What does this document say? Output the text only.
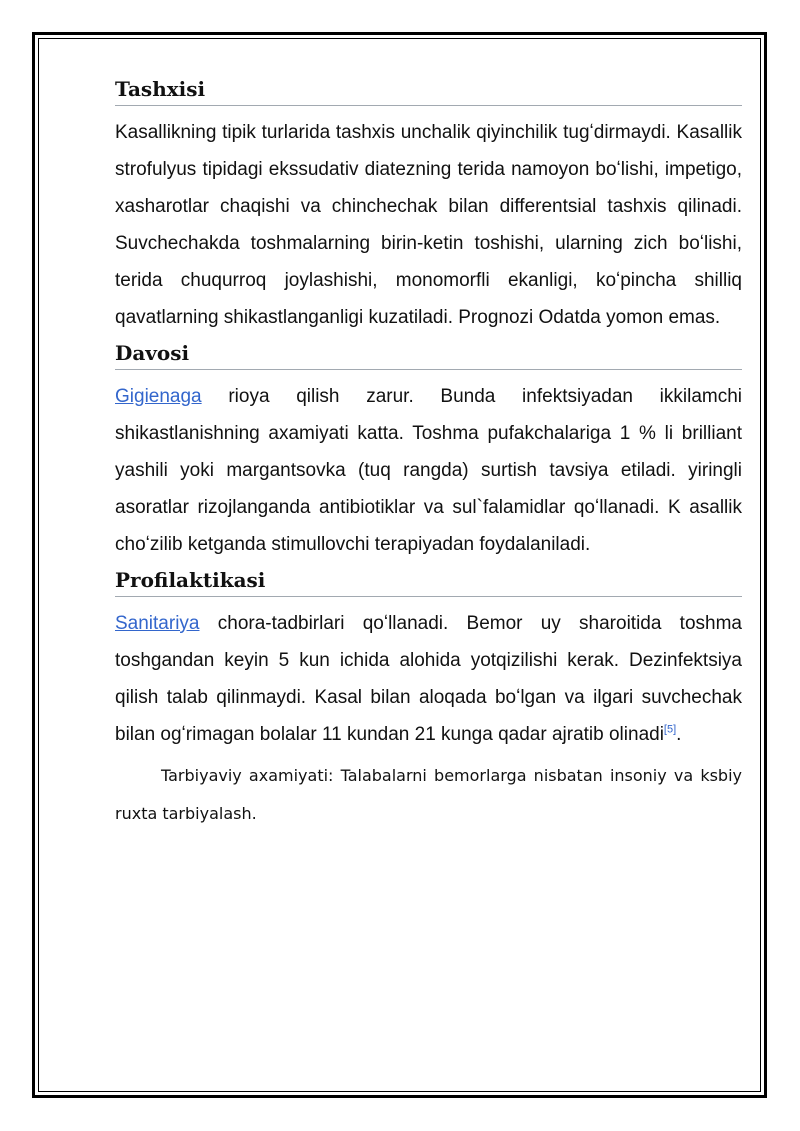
Tashxisi

Kasallikning tipik turlarida tashxis unchalik qiyinchilik tugʻdirmaydi. Kasallik strofulyus tipidagi ekssudativ diatezning terida namoyon boʻlishi, impetigo, xasharotlar chaqishi va chinchechak bilan differentsial tashxis qilinadi. Suvchechakda toshmalarning birin-ketin toshishi, ularning zich boʻlishi, terida chuqurroq joylashishi, monomorfli ekanligi, koʻpincha shilliq qavatlarning shikastlanganligi kuzatiladi. Prognozi Odatda yomon emas.

Davosi

Gigienaga rioya qilish zarur. Bunda infektsiyadan ikkilamchi shikastlanishning axamiyati katta. Toshma pufakchalariga 1 % li brilliant yashili yoki margantsovka (tuq rangda) surtish tavsiya etiladi. yiringli asoratlar rizojlanganda antibiotiklar va sul`falamidlar qoʻllanadi. K asallik choʻzilib ketganda stimullovchi terapiyadan foydalaniladi.

Profilaktikasi

Sanitariya chora-tadbirlari qoʻllanadi. Bemor uy sharoitida toshma toshgandan keyin 5 kun ichida alohida yotqizilishi kerak. Dezinfektsiya qilish talab qilinmaydi. Kasal bilan aloqada boʻlgan va ilgari suvchechak bilan ogʻrimagan bolalar 11 kundan 21 kunga qadar ajratib olinadi[5].

Tarbiyaviy axamiyati: Talabalarni bemorlarga nisbatan insoniy va ksbiy ruxta tarbiyalash.
